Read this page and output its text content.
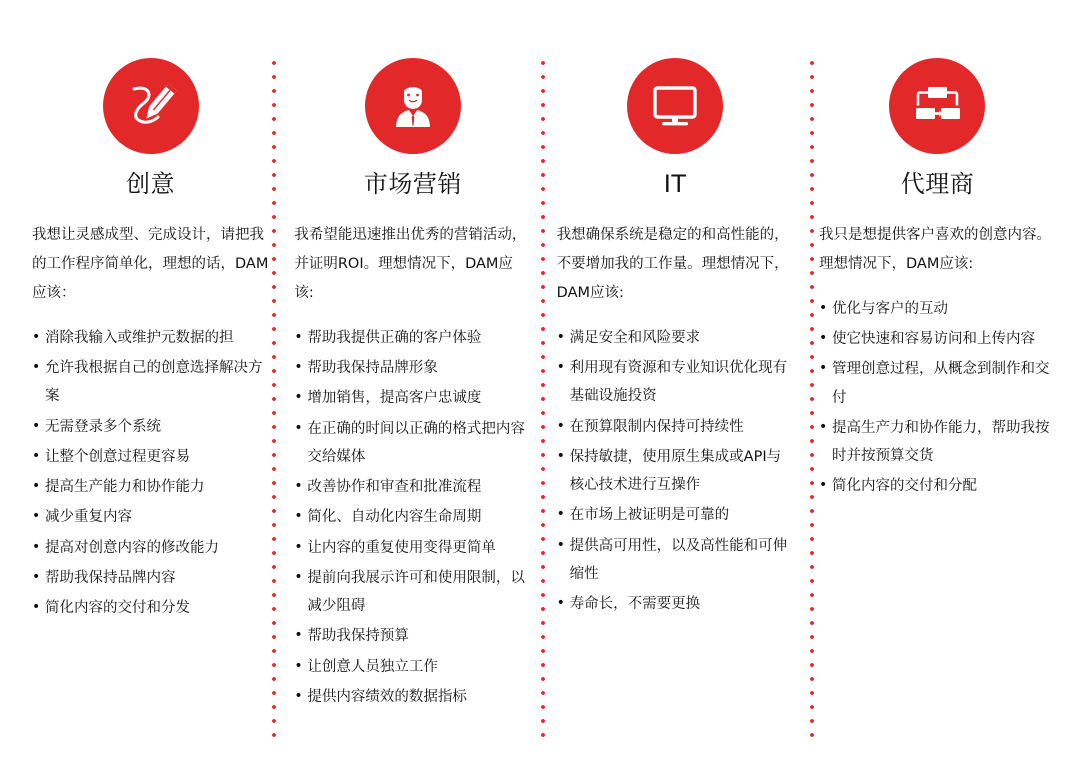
创意

我想让灵感成型、完成设计，请把我的工作程序简单化，理想的话，DAM应该：

• 消除我输入或维护元数据的担
• 允许我根据自己的创意选择解决方案
• 无需登录多个系统
• 让整个创意过程更容易
• 提高生产能力和协作能力
• 减少重复内容
• 提高对创意内容的修改能力
• 帮助我保持品牌内容
• 简化内容的交付和分发
市场营销

我希望能迅速推出优秀的营销活动，并证明ROI。理想情况下，DAM应该:

• 帮助我提供正确的客户体验
• 帮助我保持品牌形象
• 增加销售，提高客户忠诚度
• 在正确的时间以正确的格式把内容交给媒体
• 改善协作和审查和批准流程
• 简化、自动化内容生命周期
• 让内容的重复使用变得更简单
• 提前向我展示许可和使用限制，以减少阻碍
• 帮助我保持预算
• 让创意人员独立工作
• 提供内容绩效的数据指标
IT

我想确保系统是稳定的和高性能的，不要增加我的工作量。理想情况下，DAM应该:

• 满足安全和风险要求
• 利用现有资源和专业知识优化现有基础设施投资
• 在预算限制内保持可持续性
• 保持敏捷，使用原生集成或API与核心技术进行互操作
• 在市场上被证明是可靠的
• 提供高可用性，以及高性能和可伸缩性
• 寿命长，不需要更换
代理商

我只是想提供客户喜欢的创意内容。理想情况下，DAM应该:

• 优化与客户的互动
• 使它快速和容易访问和上传内容
• 管理创意过程，从概念到制作和交付
• 提高生产力和协作能力，帮助我按时并按预算交货
• 简化内容的交付和分配
